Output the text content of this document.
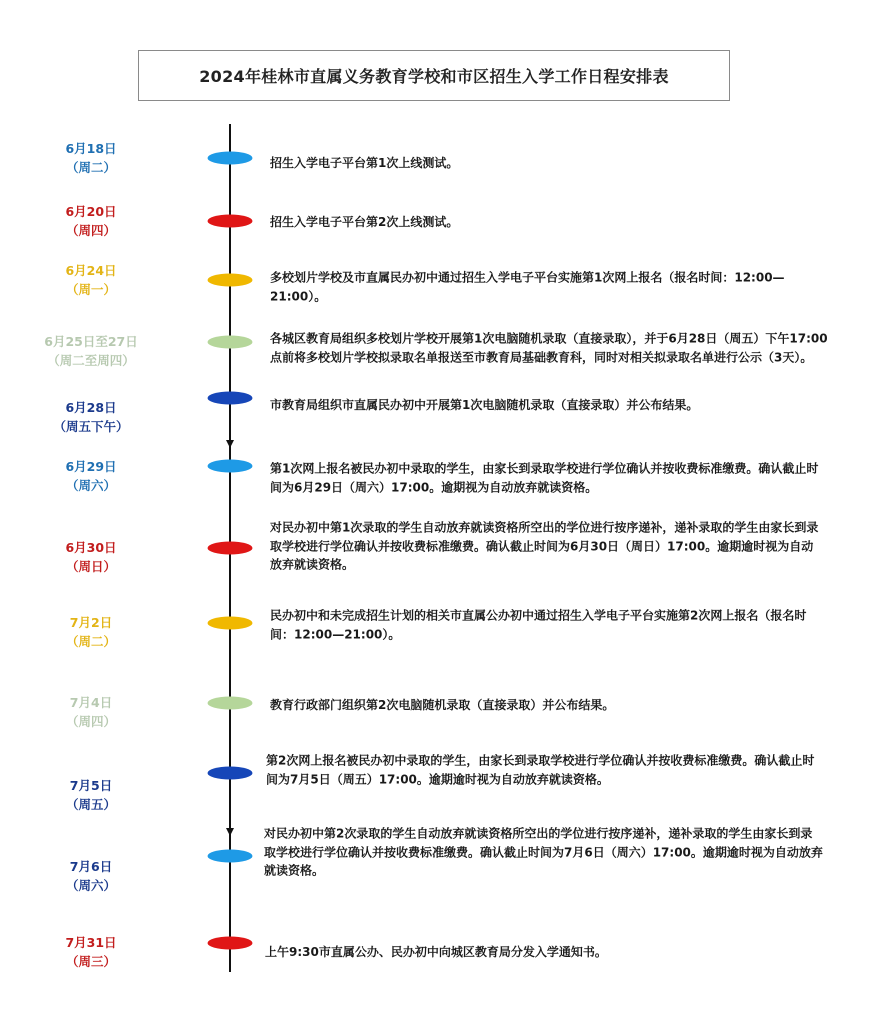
2024年桂林市直属义务教育学校和市区招生入学工作日程安排表
6月18日
（周二）	招生入学电子平台第1次上线测试。
6月20日
（周四）
招生入学电子平台第2次上线测试。
6月24日
（周一）
多校划片学校及市直属民办初中通过招生入学电子平台实施第1次网上报名（报名时间：12:00—21:00）。
6月25日至27日
（周二至周四）
各城区教育局组织多校划片学校开展第1次电脑随机录取（直接录取），并于6月28日（周五）下午17:00点前将多校划片学校拟录取名单报送至市教育局基础教育科，同时对相关拟录取名单进行公示（3天）。
6月28日
（周五下午）
市教育局组织市直属民办初中开展第1次电脑随机录取（直接录取）并公布结果。
6月29日
（周六）
第1次网上报名被民办初中录取的学生，由家长到录取学校进行学位确认并按收费标准缴费。确认截止时间为6月29日（周六）17:00。逾期视为自动放弃就读资格。
6月30日
（周日）
对民办初中第1次录取的学生自动放弃就读资格所空出的学位进行按序递补，递补录取的学生由家长到录取学校进行学位确认并按收费标准缴费。确认截止时间为6月30日（周日）17:00。逾期逾时视为自动放弃就读资格。
7月2日
（周二）
民办初中和未完成招生计划的相关市直属公办初中通过招生入学电子平台实施第2次网上报名（报名时间：12:00—21:00）。
7月4日
（周四）
教育行政部门组织第2次电脑随机录取（直接录取）并公布结果。
7月5日
（周五）
第2次网上报名被民办初中录取的学生，由家长到录取学校进行学位确认并按收费标准缴费。确认截止时间为7月5日（周五）17:00。逾期逾时视为自动放弃就读资格。
7月6日
（周六）
对民办初中第2次录取的学生自动放弃就读资格所空出的学位进行按序递补，递补录取的学生由家长到录取学校进行学位确认并按收费标准缴费。确认截止时间为7月6日（周六）17:00。逾期逾时视为自动放弃就读资格。
7月31日
（周三）
上午9:30市直属公办、民办初中向城区教育局分发入学通知书。
